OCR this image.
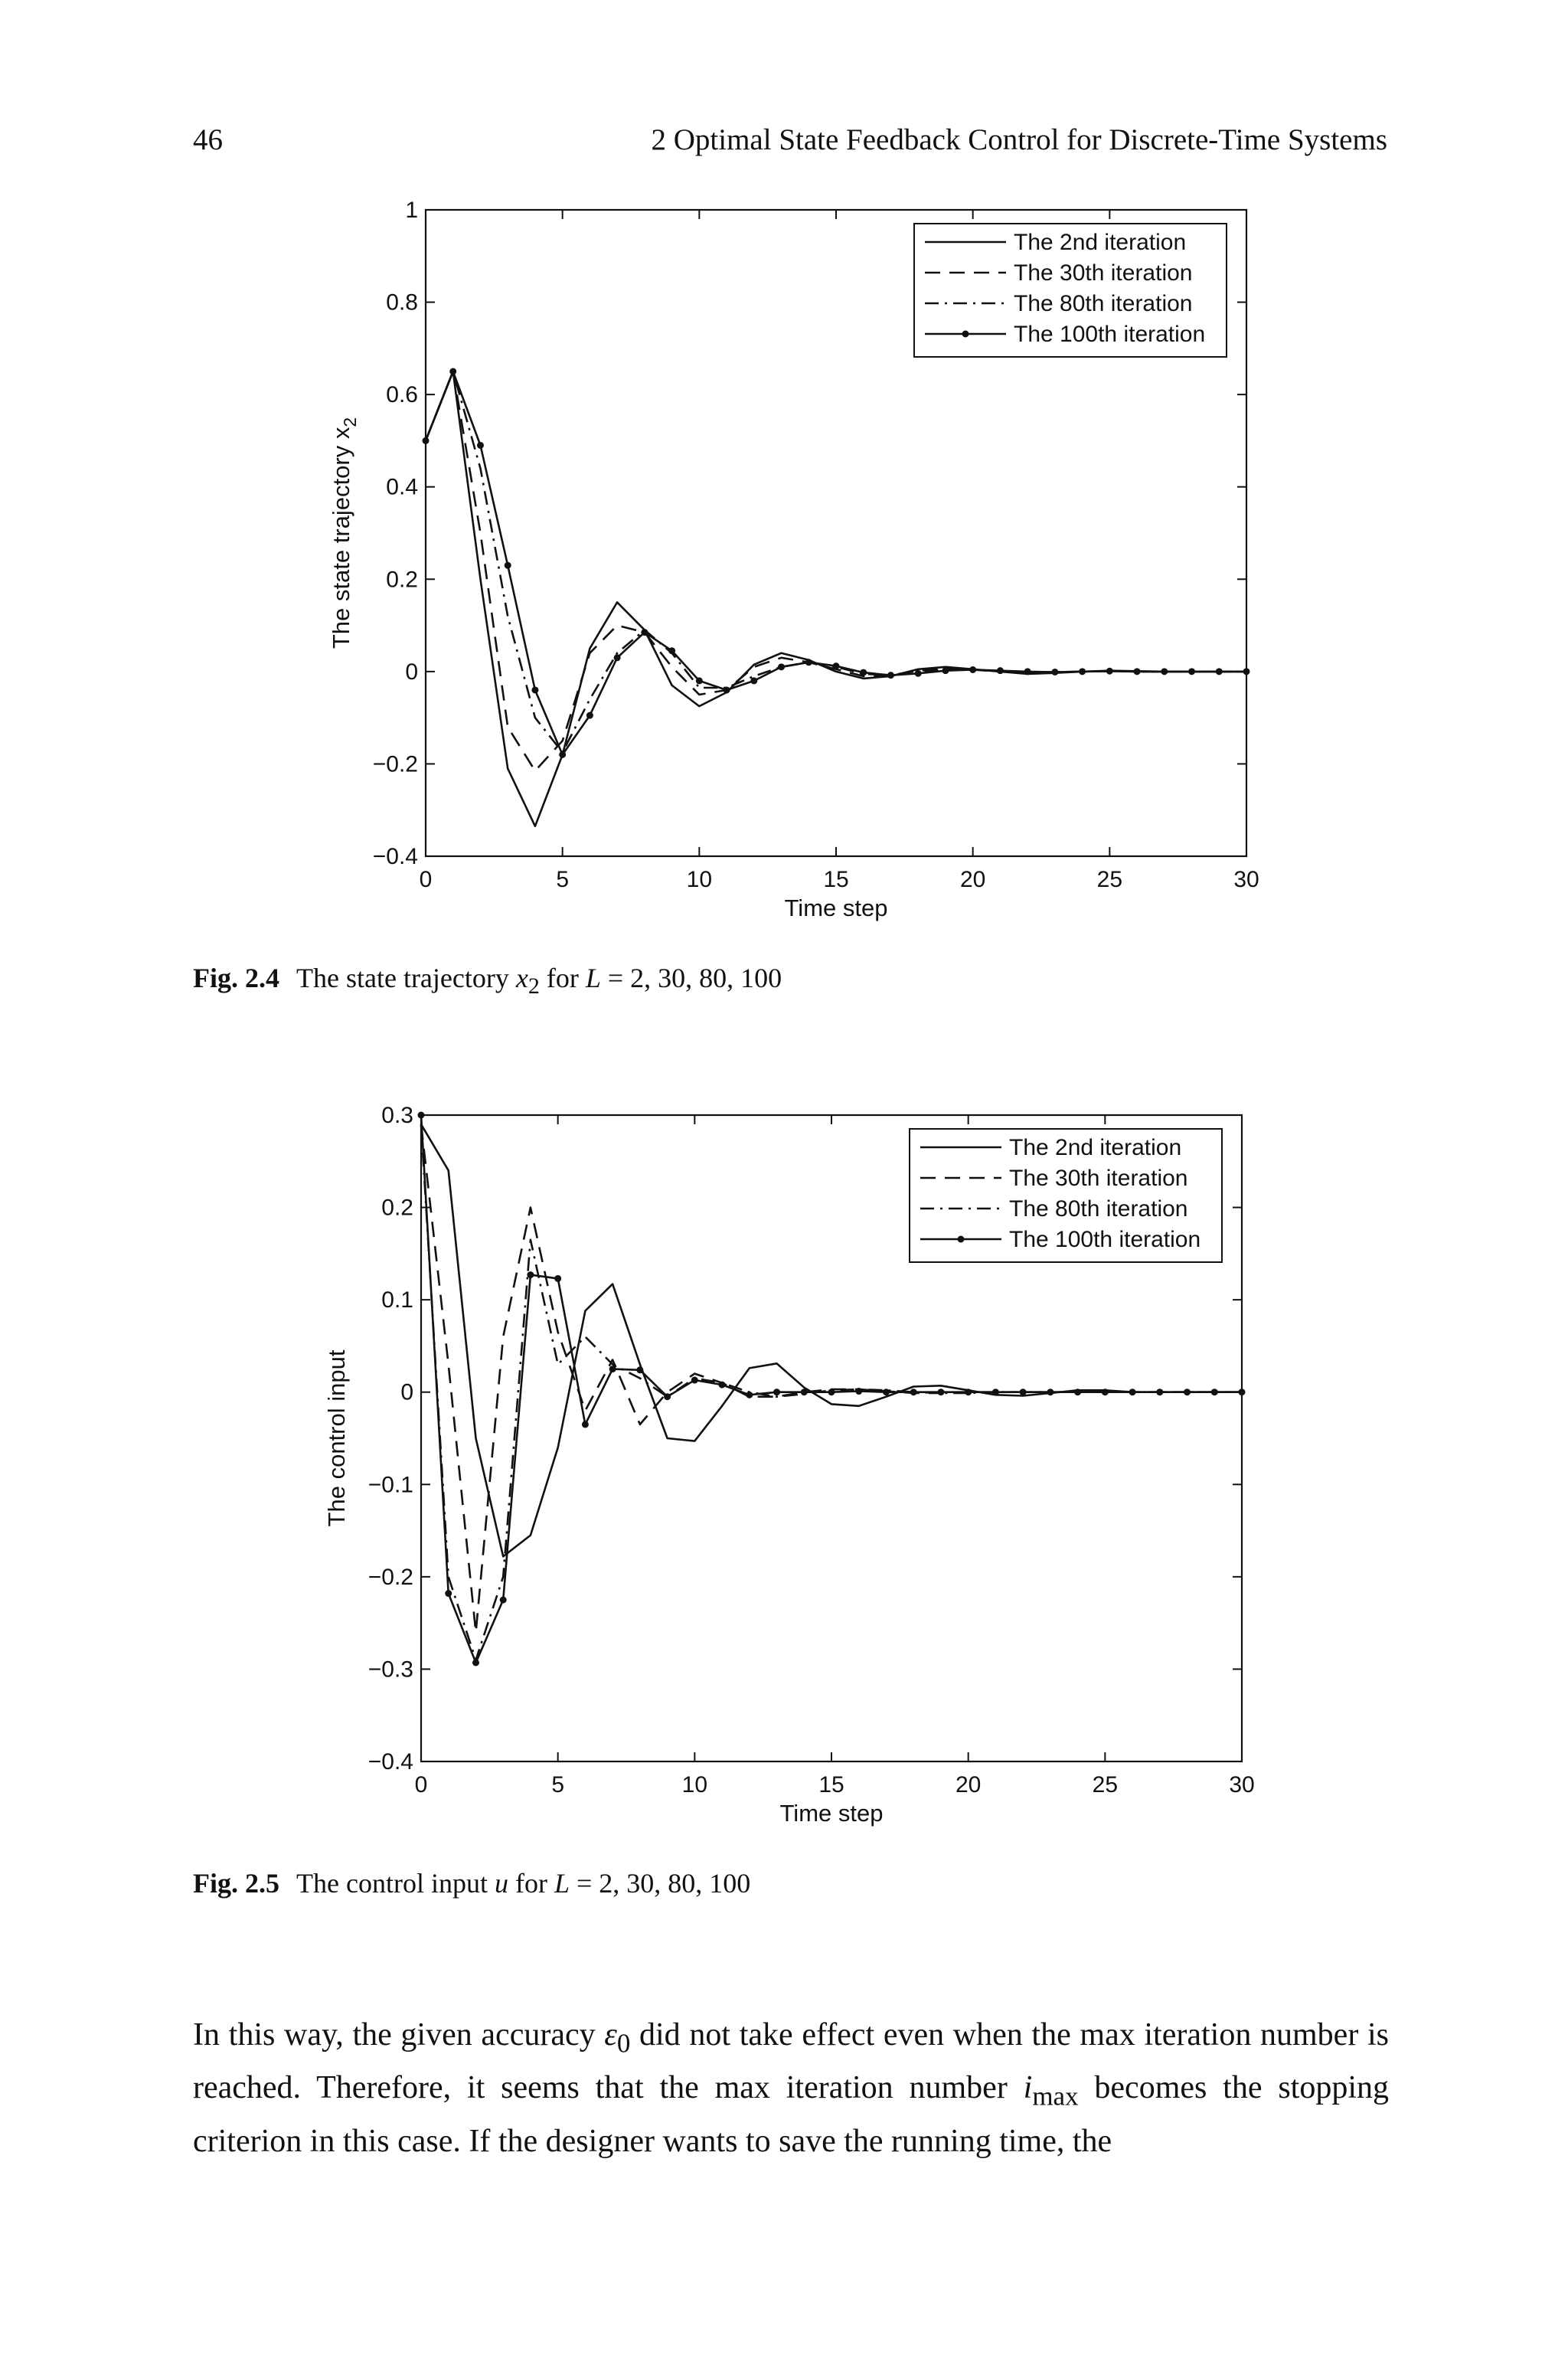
46	2 Optimal State Feedback Control for Discrete-Time Systems
0	5	10	15	20	25	30
−0.4
−0.2
0
0.2
0.4
0.6
0.8
1
Time step
The state trajectory $x_2$
The 2nd iteration
The 30th iteration
The 80th iteration
The 100th iteration
Fig. 2.4 The state trajectory $x_2$ for L = 2, 30, 80, 100
0	5	10	15	20	25	30
−0.4
−0.3
−0.2
−0.1
0
0.1
0.2
0.3
Time step
The control input
The 2nd iteration
The 30th iteration
The 80th iteration
The 100th iteration
Fig. 2.5 The control input u for L = 2, 30, 80, 100

In this way, the given accuracy $\varepsilon_0$ did not take effect even when the max iteration number is reached. Therefore, it seems that the max iteration number $i_{max}$ becomes the stopping criterion in this case. If the designer wants to save the running time, the
